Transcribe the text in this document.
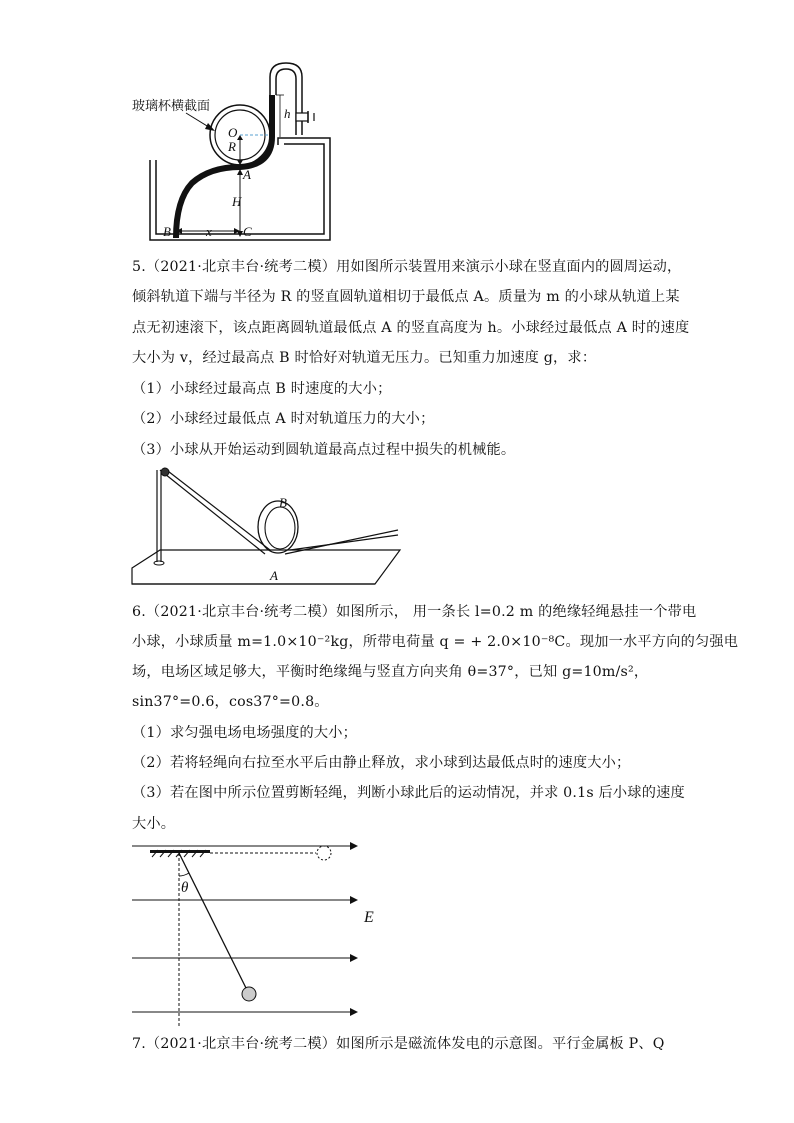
玻璃杯横截面
O
R
h
A
H
B	x C
5.（2021·北京丰台·统考二模）用如图所示装置用来演示小球在竖直面内的圆周运动，
倾斜轨道下端与半径为 R 的竖直圆轨道相切于最低点 A。质量为 m 的小球从轨道上某
点无初速滚下，该点距离圆轨道最低点 A 的竖直高度为 h。小球经过最低点 A 时的速度
大小为 v，经过最高点 B 时恰好对轨道无压力。已知重力加速度 g，求：
（1）小球经过最高点 B 时速度的大小；
（2）小球经过最低点 A 时对轨道压力的大小；
（3）小球从开始运动到圆轨道最高点过程中损失的机械能。
B
A
6.（2021·北京丰台·统考二模）如图所示， 用一条长 l=0.2 m 的绝缘轻绳悬挂一个带电
小球，小球质量 m=1.0×10⁻²kg，所带电荷量 q = + 2.0×10⁻⁸C。现加一水平方向的匀强电
场，电场区域足够大，平衡时绝缘绳与竖直方向夹角 θ=37°，已知 g=10m/s²，
sin37°=0.6，cos37°=0.8。
（1）求匀强电场电场强度的大小；
（2）若将轻绳向右拉至水平后由静止释放，求小球到达最低点时的速度大小；
（3）若在图中所示位置剪断轻绳，判断小球此后的运动情况，并求 0.1s 后小球的速度
大小。
θ
E
7.（2021·北京丰台·统考二模）如图所示是磁流体发电的示意图。平行金属板 P、Q
